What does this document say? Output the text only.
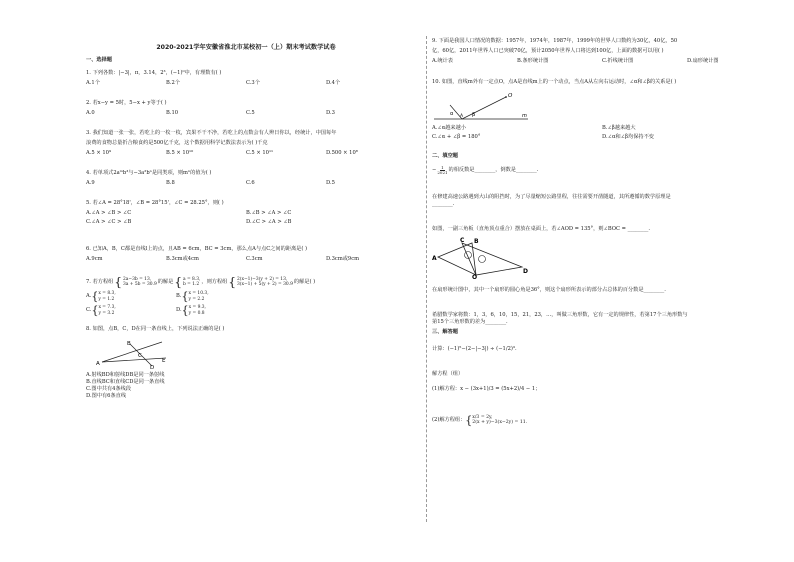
2020-2021学年安徽省淮北市某校初一（上）期末考试数学试卷
一、选择题
1. 下列各数：|−3|，π，3.14，2³，(−1)⁰中，有理数有( )
A.1个	B.2个	C.3个	D.4个
2. 若x−y = 5时，5−x + y等于( )
A.0	B.10	C.5	D.3
3. 我们知道一张一张，若吃上的一枚一枚，宾果不干不净，若吃上的点数会有人辨日你以，经统计，中国每年
浪费的食物总量折合粮食约是500亿千克，这个数据用科学记数法表示为( )千克
A.5 × 10⁹	B.5 × 10¹⁰	C.5 × 10¹¹	D.500 × 10⁸
4. 若单项式2aᵐb³与−3a²bⁿ是同类项，则mⁿ的值为( )
A.9	B.8	C.6	D.5
5. 若∠A = 28°18'，∠B = 28°15'，∠C = 28.25°，则( )
A.∠A > ∠B > ∠C	B.∠B > ∠A > ∠C
C.∠A > ∠C > ∠B	D.∠C > ∠A > ∠B
6. 已知A，B，C都是直线l上的点，且AB = 6cm，BC = 3cm，那么点A与点C之间的距离是( )
A.9cm	B.3cm或4cm	C.3cm	D.3cm或9cm
7. 若方程组 { 2a−3b = 13,
3a + 5b = 30.9 的解是 { a = 8.3,
b = 1.2 ，则方程组 { 2(x−1)−3(y + 2) = 13,
3(x−1) + 5(y + 2) = 30.9 的解是( )
A. { x = 8.3,
y = 1.2	B. { x = 10.3,
y = 2.2
C. { x = 7.3,
y = 3.2	D. { x = 9.3,
y = 0.8
8. 如图，点B，C，D在同一条直线上，下列说法正确的是( )
A
B
C
D
E
A.射线BD和射线DB是同一条射线
B.直线BC和直线CD是同一条直线
C.图中共有4条线段
D.图中有6条直线
9. 下面是我国人口情况的数据：1957年，1974年，1987年，1999年的世界人口数约为30亿，40亿，50
亿，60亿，2011年世界人口已突破70亿，预计2050年世界人口将达到100亿，上面的数据可以用( )
A.统计表	B.条形统计图	C.折线统计图	D.扇形统计图
10. 如图，直线m外有一定点O，点A是直线m上的一个动点，当点A从左向右运动时，∠α和∠β的关系是( )
O
α	β
A	m
A.∠α越来越小	B.∠β越来越大
C.∠α + ∠β = 180°	D.∠α和∠β均保持不变
二、填空题
− $\frac{1}{2021}$ 的相反数是________，倒数是________.
在修建高速公路遇到大山的阻挡时，为了尽量缩短公路里程，往往需要开凿隧道，其所遵循的数学原理是
________.
如图，一副三角板（直角顶点重合）摆放在桌面上，若∠AOD = 135°，则∠BOC = ________.
C B
O
A
D
在扇形统计图中，其中一个扇形的圆心角是36°，则这个扇形所表示的部分占总体的百分数是________.
希腊数学家将数：1，3，6，10，15，21，23，…，叫做三角形数，它有一定的规律性，若第17个三角形数与
第15个三角形数的差为________.
三、解答题
计算：(−1)⁵−(2−|−3|) ÷ (−1/2)³.
解方程（组）
(1)解方程：x − (3x+1)/3 = (5x+2)/4 − 1；
(2)解方程组： { x/3 = 2y,
2(x + y)−3(x−2y) = 11.
